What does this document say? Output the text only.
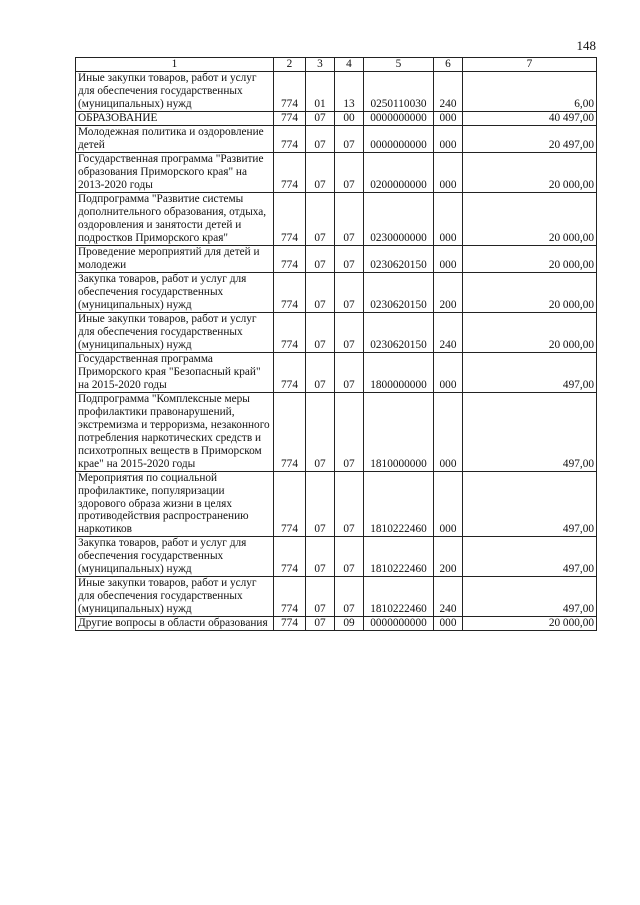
148
1	2	3	4	5	6	7
Иные закупки товаров, работ и услуг для обеспечения государственных (муниципальных) нужд	774	01	13	0250110030	240	6,00
ОБРАЗОВАНИЕ	774	07	00	0000000000	000	40 497,00
Молодежная политика и оздоровление детей	774	07	07	0000000000	000	20 497,00
Государственная программа "Развитие образования Приморского края" на 2013-2020 годы	774	07	07	0200000000	000	20 000,00
Подпрограмма "Развитие системы дополнительного образования, отдыха, оздоровления и занятости детей и подростков Приморского края"	774	07	07	0230000000	000	20 000,00
Проведение мероприятий для детей и молодежи	774	07	07	0230620150	000	20 000,00
Закупка товаров, работ и услуг для обеспечения государственных (муниципальных) нужд	774	07	07	0230620150	200	20 000,00
Иные закупки товаров, работ и услуг для обеспечения государственных (муниципальных) нужд	774	07	07	0230620150	240	20 000,00
Государственная программа Приморского края "Безопасный край" на 2015-2020 годы	774	07	07	1800000000	000	497,00
Подпрограмма "Комплексные меры профилактики правонарушений, экстремизма и терроризма, незаконного потребления наркотических средств и психотропных веществ в Приморском крае" на 2015-2020 годы	774	07	07	1810000000	000	497,00
Мероприятия по социальной профилактике, популяризации здорового образа жизни в целях противодействия распространению наркотиков	774	07	07	1810222460	000	497,00
Закупка товаров, работ и услуг для обеспечения государственных (муниципальных) нужд	774	07	07	1810222460	200	497,00
Иные закупки товаров, работ и услуг для обеспечения государственных (муниципальных) нужд	774	07	07	1810222460	240	497,00
Другие вопросы в области образования	774	07	09	0000000000	000	20 000,00
